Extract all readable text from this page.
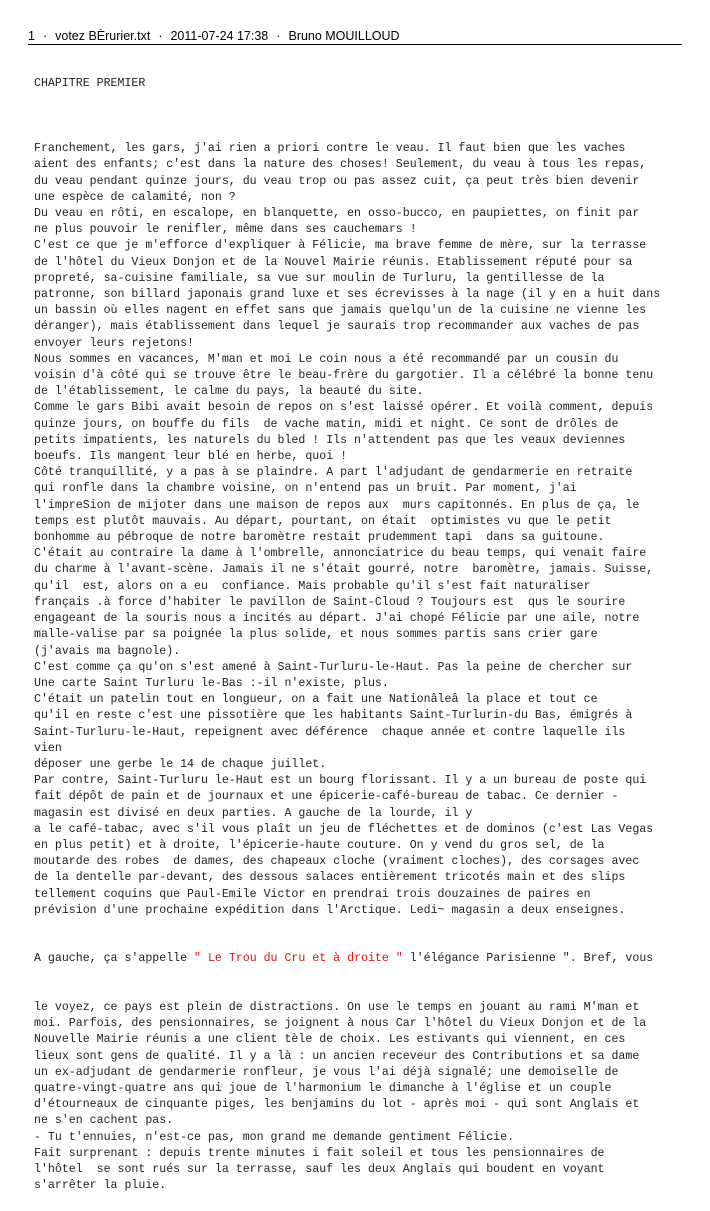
1 · votez BÈrurier.txt · 2011-07-24 17:38 · Bruno MOUILLOUD

CHAPITRE PREMIER

Franchement, les gars, j'ai rien a priori contre le veau. Il faut bien que les vaches
aient des enfants; c'est dans la nature des choses! Seulement, du veau à tous les repas,
du veau pendant quinze jours, du veau trop ou pas assez cuit, ça peut très bien devenir
une espèce de calamité, non ?
Du veau en rôti, en escalope, en blanquette, en osso-bucco, en paupiettes, on finit par
ne plus pouvoir le renifler, même dans ses cauchemars !
C'est ce que je m'efforce d'expliquer à Félicie, ma brave femme de mère, sur la terrasse
de l'hôtel du Vieux Donjon et de la Nouvel Mairie réunis. Etablissement réputé pour sa
propreté, sa-cuisine familiale, sa vue sur moulin de Turluru, la gentillesse de la
patronne, son billard japonais grand luxe et ses écrevisses à la nage (il y en a huit dans
un bassin où elles nagent en effet sans que jamais quelqu'un de la cuisine ne vienne les
déranger), mais établissement dans lequel je saurais trop recommander aux vaches de pas
envoyer leurs rejetons!
Nous sommes en vacances, M'man et moi Le coin nous a été recommandé par un cousin du
voisin d'à côté qui se trouve être le beau-frère du gargotier. Il a célébré la bonne tenu
de l'établissement, le calme du pays, la beauté du site.
Comme le gars Bibi avait besoin de repos on s'est laissé opérer. Et voilà comment, depuis
quinze jours, on bouffe du fils  de vache matin, midi et night. Ce sont de drôles de
petits impatients, les naturels du bled ! Ils n'attendent pas que les veaux deviennes
boeufs. Ils mangent leur blé en herbe, quoi !
Côté tranquillité, y a pas à se plaindre. A part l'adjudant de gendarmerie en retraite
qui ronfle dans la chambre voisine, on n'entend pas un bruit. Par moment, j'ai
l'impreSion de mijoter dans une maison de repos aux  murs capitonnés. En plus de ça, le
temps est plutôt mauvais. Au départ, pourtant, on était  optimistes vu que le petit
bonhomme au pébroque de notre baromètre restait prudemment tapi  dans sa guitoune.
C'était au contraire la dame à l'ombrelle, annonciatrice du beau temps, qui venait faire
du charme à l'avant-scène. Jamais il ne s'était gourré, notre  baromètre, jamais. Suisse,
qu'il  est, alors on a eu  confiance. Mais probable qu'il s'est fait naturaliser
français .à force d'habiter le pavillon de Saint-Cloud ? Toujours est  qus le sourire
engageant de la souris nous a incités au départ. J'ai chopé Félicie par une aile, notre
malle-valise par sa poignée la plus solide, et nous sommes partis sans crier gare
(j'avais ma bagnole).
C'est comme ça qu'on s'est amené à Saint-Turluru-le-Haut. Pas la peine de chercher sur
Une carte Saint Turluru le-Bas :-il n'existe, plus.
C'était un patelin tout en longueur, on a fait une Nationâleâ la place et tout ce
qu'il en reste c'est une pissotière que les habitants Saint-Turlurin-du Bas, émigrés à
Saint-Turluru-le-Haut, repeignent avec déférence  chaque année et contre laquelle ils
vien
déposer une gerbe le 14 de chaque juillet.
Par contre, Saint-Turluru le-Haut est un bourg florissant. Il y a un bureau de poste qui
fait dépôt de pain et de journaux et une épicerie-café-bureau de tabac. Ce dernier -
magasin est divisé en deux parties. A gauche de la lourde, il y
a le café-tabac, avec s'il vous plaît un jeu de fléchettes et de dominos (c'est Las Vegas
en plus petit) et à droite, l'épicerie-haute couture. On y vend du gros sel, de la
moutarde des robes  de dames, des chapeaux cloche (vraiment cloches), des corsages avec
de la dentelle par-devant, des dessous salaces entièrement tricotés main et des slips
tellement coquins que Paul-Emile Victor en prendrai trois douzaines de paires en
prévision d'une prochaine expédition dans l'Arctique. Ledi~ magasin a deux enseignes.

A gauche, ça s'appelle " Le Trou du Cru et à droite " l'élégance Parisienne ". Bref, vous

le voyez, ce pays est plein de distractions. On use le temps en jouant au rami M'man et
moi. Parfois, des pensionnaires, se joignent à nous Car l'hôtel du Vieux Donjon et de la
Nouvelle Mairie réunis a une client tèle de choix. Les estivants qui viennent, en ces
lieux sont gens de qualité. Il y a là : un ancien receveur des Contributions et sa dame
un ex-adjudant de gendarmerie ronfleur, je vous l'ai déjà signalé; une demoiselle de
quatre-vingt-quatre ans qui joue de l'harmonium le dimanche à l'église et un couple
d'étourneaux de cinquante piges, les benjamins du lot - après moi - qui sont Anglais et
ne s'en cachent pas.
- Tu t'ennuies, n'est-ce pas, mon grand me demande gentiment Félicie.
Fait surprenant : depuis trente minutes i fait soleil et tous les pensionnaires de
l'hôtel  se sont rués sur la terrasse, sauf les deux Anglais qui boudent en voyant
s'arrêter la pluie.
